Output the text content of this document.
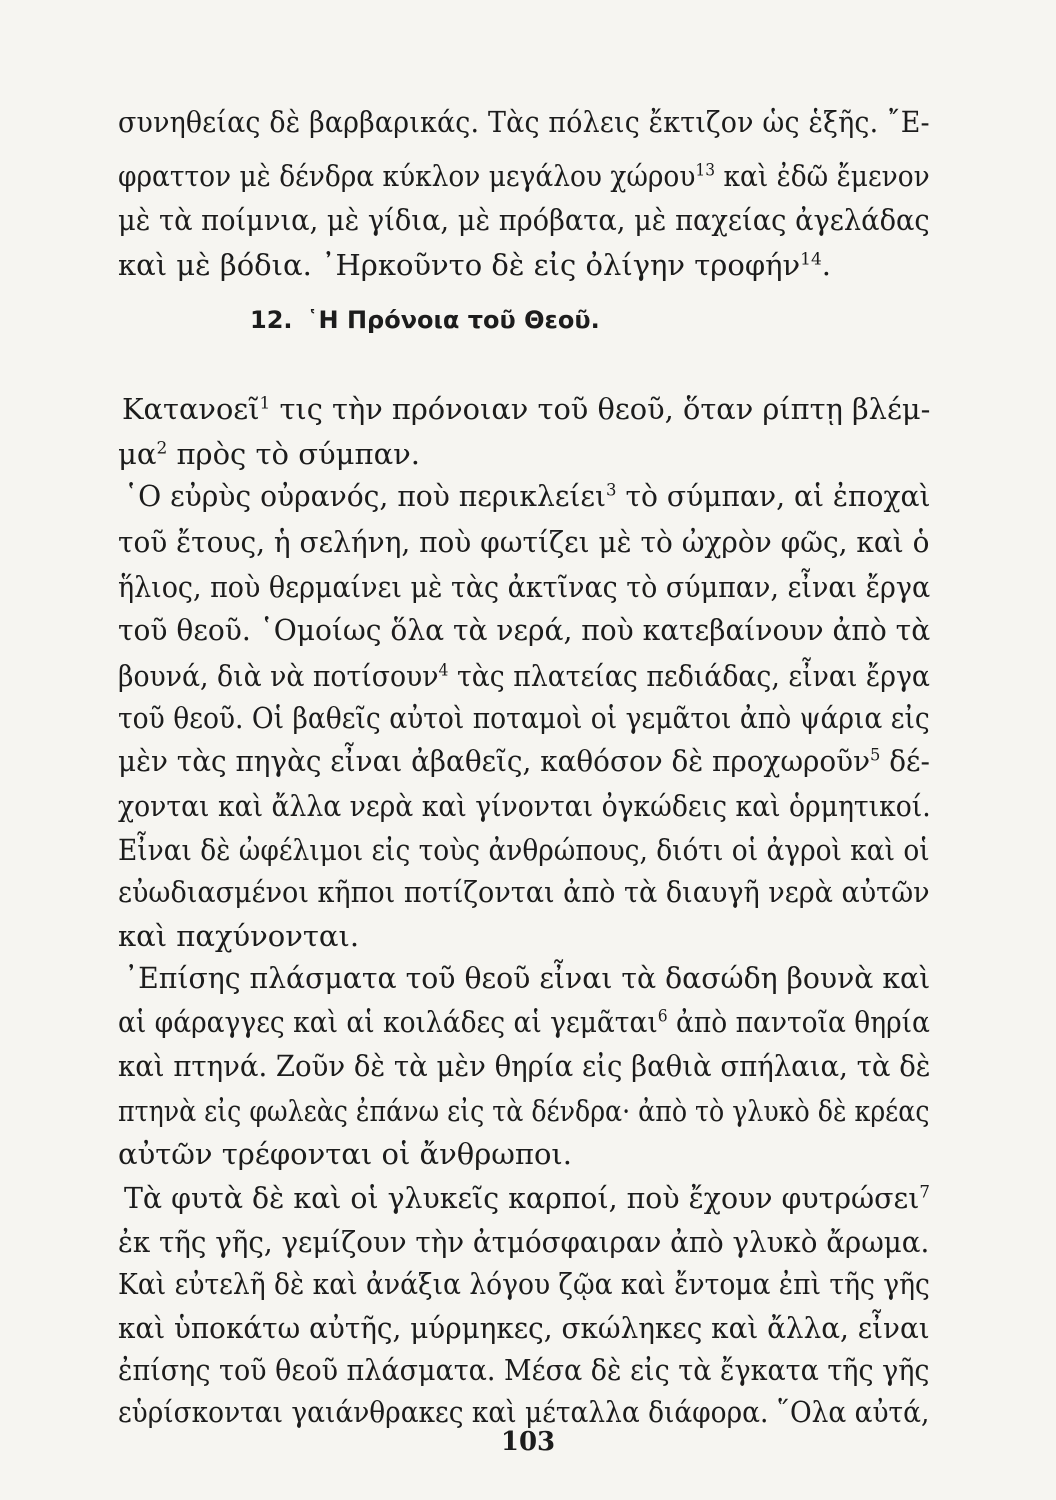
συνηθείας δὲ βαρβαρικάς. Τὰς πόλεις ἔκτιζον ὡς ἑξῆς. ῎Ε-
φραττον μὲ δένδρα κύκλον μεγάλου χώρου$^{13}$ καὶ ἐδῶ ἔμενον
μὲ τὰ ποίμνια, μὲ γίδια, μὲ πρόβατα, μὲ παχείας ἀγελάδας
καὶ μὲ βόδια. ᾿Ηρκοῦντο δὲ εἰς ὀλίγην τροφήν$^{14}$.
12. ῾Η Πρόνοια τοῦ Θεοῦ.
Κατανοεῖ$^1$ τις τὴν πρόνοιαν τοῦ θεοῦ, ὅταν ρίπτῃ βλέμ-
$\mu\alpha^2$ πρὸς τὸ σύμπαν.
῾Ο εὐρὺς οὐρανός, ποὺ περικλείει$^3$ τὸ σύμπαν, αἱ ἐποχαὶ
τοῦ ἔτους, ἡ σελήνη, ποὺ φωτίζει μὲ τὸ ὠχρὸν φῶς, καὶ ὁ
ἥλιος, ποὺ θερμαίνει μὲ τὰς ἀκτῖνας τὸ σύμπαν, εἶναι ἔργα
τοῦ θεοῦ. ῾Ομοίως ὅλα τὰ νερά, ποὺ κατεβαίνουν ἀπὸ τὰ
βουνά, διὰ νὰ ποτίσουν$^4$ τὰς πλατείας πεδιάδας, εἶναι ἔργα
τοῦ θεοῦ. Οἱ βαθεῖς αὐτοὶ ποταμοὶ οἱ γεμᾶτοι ἀπὸ ψάρια εἰς
μὲν τὰς πηγὰς εἶναι ἀβαθεῖς, καθόσον δὲ προχωροῦν$^5$ δέ-
χονται καὶ ἄλλα νερὰ καὶ γίνονται ὀγκώδεις καὶ ὁρμητικοί.
Εἶναι δὲ ὠφέλιμοι εἰς τοὺς ἀνθρώπους, διότι οἱ ἀγροὶ καὶ οἱ
εὐωδιασμένοι κῆποι ποτίζονται ἀπὸ τὰ διαυγῆ νερὰ αὐτῶν
καὶ παχύνονται.
᾿Επίσης πλάσματα τοῦ θεοῦ εἶναι τὰ δασώδη βουνὰ καὶ
αἱ φάραγγες καὶ αἱ κοιλάδες αἱ γεμᾶται$^6$ ἀπὸ παντοῖα θηρία
καὶ πτηνά. Ζοῦν δὲ τὰ μὲν θηρία εἰς βαθιὰ σπήλαια, τὰ δὲ
πτηνὰ εἰς φωλεὰς ἐπάνω εἰς τὰ δένδρα· ἀπὸ τὸ γλυκὸ δὲ κρέας
αὐτῶν τρέφονται οἱ ἄνθρωποι.
Τὰ φυτὰ δὲ καὶ οἱ γλυκεῖς καρποί, ποὺ ἔχουν φυτρώσει$^7$
ἐκ τῆς γῆς, γεμίζουν τὴν ἀτμόσφαιραν ἀπὸ γλυκὸ ἄρωμα.
Καὶ εὐτελῆ δὲ καὶ ἀνάξια λόγου ζῷα καὶ ἔντομα ἐπὶ τῆς γῆς
καὶ ὑποκάτω αὐτῆς, μύρμηκες, σκώληκες καὶ ἄλλα, εἶναι
ἐπίσης τοῦ θεοῦ πλάσματα. Μέσα δὲ εἰς τὰ ἔγκατα τῆς γῆς
εὑρίσκονται γαιάνθρακες καὶ μέταλλα διάφορα. ῞Ολα αὐτά,
103
